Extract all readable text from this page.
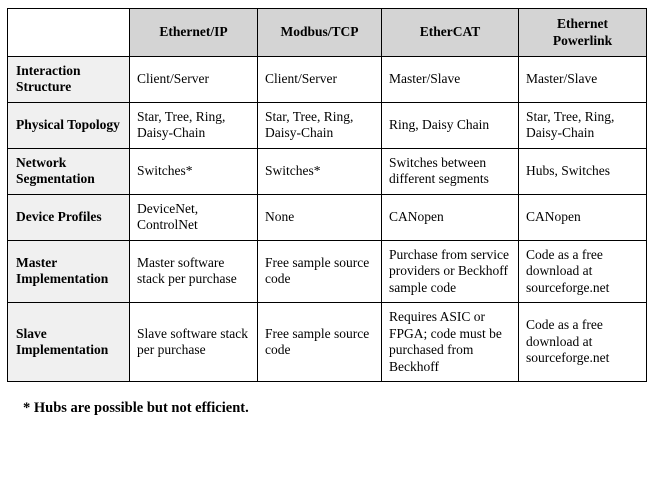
	Ethernet/IP	Modbus/TCP	EtherCAT	Ethernet Powerlink
Interaction Structure	Client/Server	Client/Server	Master/Slave	Master/Slave
Physical Topology	Star, Tree, Ring, Daisy-Chain	Star, Tree, Ring, Daisy-Chain	Ring, Daisy Chain	Star, Tree, Ring, Daisy-Chain
Network Segmentation	Switches*	Switches*	Switches between different segments	Hubs, Switches
Device Profiles	DeviceNet, ControlNet	None	CANopen	CANopen
Master Implementation	Master software stack per purchase	Free sample source code	Purchase from service providers or Beckhoff sample code	Code as a free download at sourceforge.net
Slave Implementation	Slave software stack per purchase	Free sample source code	Requires ASIC or FPGA; code must be purchased from Beckhoff	Code as a free download at sourceforge.net
* Hubs are possible but not efficient.
